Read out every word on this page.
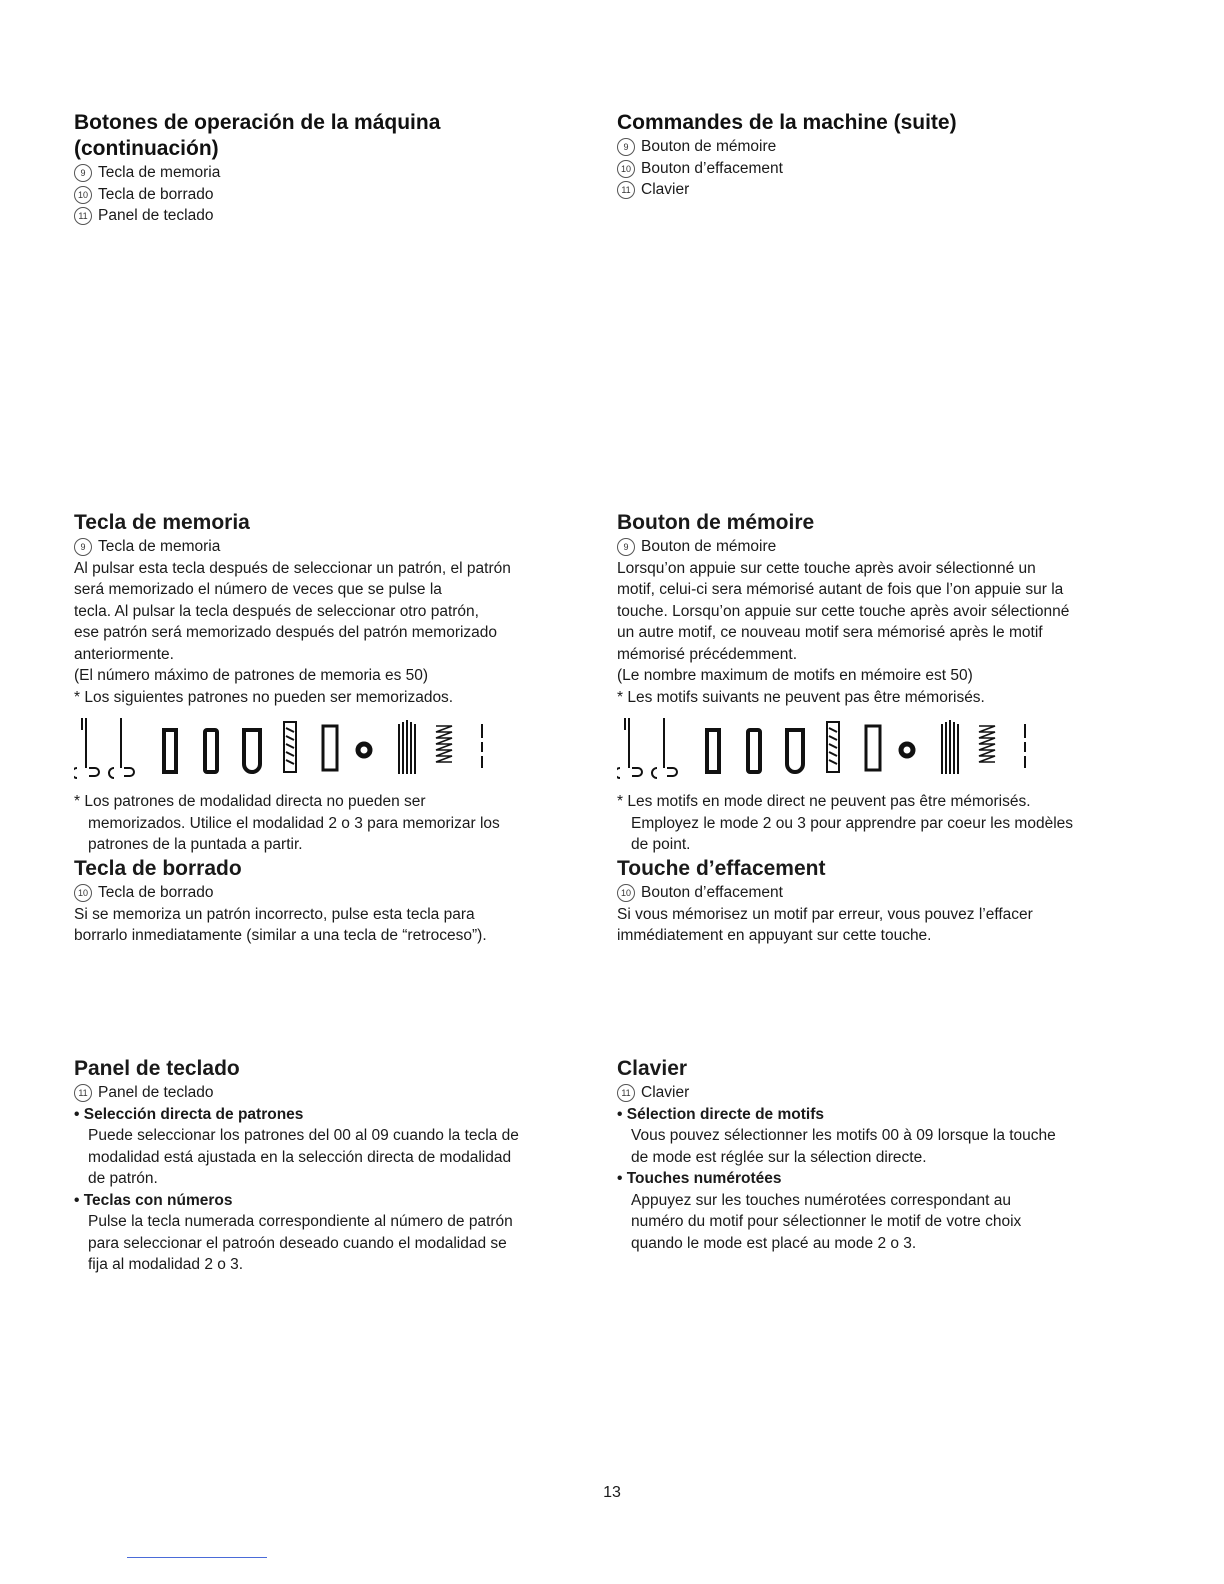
Botones de operación de la máquina

(continuación)

9 Tecla de memoria

10 Tecla de borrado

11 Panel de teclado

Commandes de la machine (suite)

9 Bouton de mémoire

10 Bouton d’effacement

11 Clavier

Tecla de memoria

9 Tecla de memoria

Al pulsar esta tecla después de seleccionar un patrón, el patrón

será memorizado el número de veces que se pulse la

tecla. Al pulsar la tecla después de seleccionar otro patrón,

ese patrón será memorizado después del patrón memorizado

anteriormente.

(El número máximo de patrones de memoria es 50)

* Los siguientes patrones no pueden ser memorizados.

* Los patrones de modalidad directa no pueden ser

memorizados. Utilice el modalidad 2 o 3 para memorizar los

patrones de la puntada a partir.

Bouton de mémoire

9 Bouton de mémoire

Lorsqu’on appuie sur cette touche après avoir sélectionné un

motif, celui-ci sera mémorisé autant de fois que l’on appuie sur la

touche. Lorsqu’on appuie sur cette touche après avoir sélectionné

un autre motif, ce nouveau motif sera mémorisé après le motif

mémorisé précédemment.

(Le nombre maximum de motifs en mémoire est 50)

* Les motifs suivants ne peuvent pas être mémorisés.

* Les motifs en mode direct ne peuvent pas être mémorisés.

Employez le mode 2 ou 3 pour apprendre par coeur les modèles

de point.

Tecla de borrado

10 Tecla de borrado

Si se memoriza un patrón incorrecto, pulse esta tecla para

borrarlo inmediatamente (similar a una tecla de “retroceso”).

Touche d’effacement

10 Bouton d’effacement

Si vous mémorisez un motif par erreur, vous pouvez l’effacer

immédiatement en appuyant sur cette touche.

Panel de teclado

11 Panel de teclado

• Selección directa de patrones

Puede seleccionar los patrones del 00 al 09 cuando la tecla de

modalidad está ajustada en la selección directa de modalidad

de patrón.

• Teclas con números

Pulse la tecla numerada correspondiente al número de patrón

para seleccionar el patroón deseado cuando el modalidad se

fija al modalidad 2 o 3.

Clavier

11 Clavier

• Sélection directe de motifs

Vous pouvez sélectionner les motifs 00 à 09 lorsque la touche

de mode est réglée sur la sélection directe.

• Touches numérotées

Appuyez sur les touches numérotées correspondant au

numéro du motif pour sélectionner le motif de votre choix

quando le mode est placé au mode 2 o 3.

13
